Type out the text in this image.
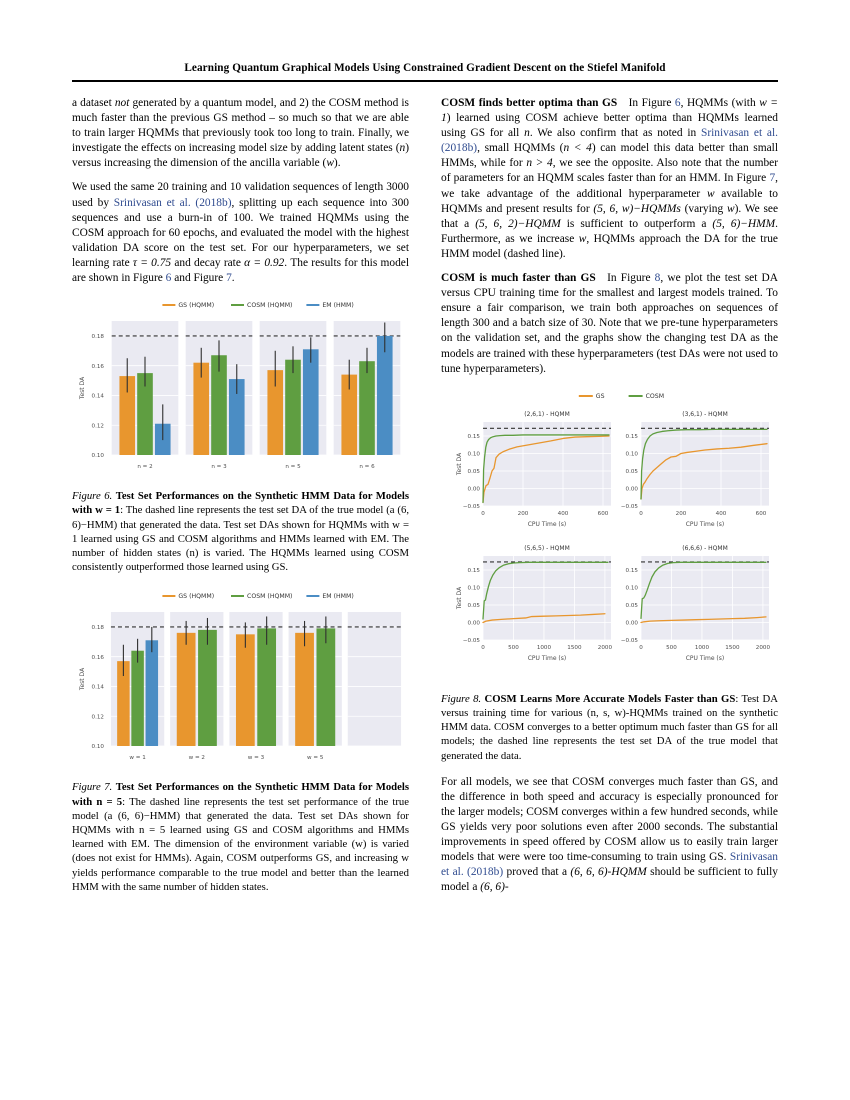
Learning Quantum Graphical Models Using Constrained Gradient Descent on the Stiefel Manifold

a dataset not generated by a quantum model, and 2) the COSM method is much faster than the previous GS method – so much so that we are able to train larger HQMMs that previously took too long to train. Finally, we investigate the effects on increasing model size by adding latent states (n) versus increasing the dimension of the ancilla variable (w).

We used the same 20 training and 10 validation sequences of length 3000 used by Srinivasan et al. (2018b), splitting up each sequence into 300 sequences and use a burn-in of 100. We trained HQMMs using the COSM approach for 60 epochs, and evaluated the model with the highest validation DA score on the test set. For our hyperparameters, we set learning rate τ = 0.75 and decay rate α = 0.92. The results for this model are shown in Figure 6 and Figure 7.

GS (HQMM)	COSM (HQMM)	EM (HMM)
n = 2	n = 3	n = 5	n = 6
0.10
0.12
0.14
0.16
0.18
Test DA
Figure 6. Test Set Performances on the Synthetic HMM Data for Models with w = 1: The dashed line represents the test set DA of the true model (a (6, 6)−HMM) that generated the data. Test set DAs shown for HQMMs with w = 1 learned using GS and COSM algorithms and HMMs learned with EM. The number of hidden states (n) is varied. The HQMMs learned using COSM consistently outperformed those learned using GS.
GS (HQMM)	COSM (HQMM)	EM (HMM)
w = 1	w = 2	w = 3	w = 5
0.10
0.12
0.14
0.16
0.18
Test DA
Figure 7. Test Set Performances on the Synthetic HMM Data for Models with n = 5: The dashed line represents the test set performance of the true model (a (6, 6)−HMM) that generated the data. Test set DAs shown for HQMMs with n = 5 learned using GS and COSM algorithms and HMMs learned with EM. The dimension of the environment variable (w) is varied (does not exist for HMMs). Again, COSM outperforms GS, and increasing w yields performance comparable to the true model and better than the learned HMM with the same number of hidden states.

COSM finds better optima than GS In Figure 6, HQMMs (with w = 1) learned using COSM achieve better optima than HQMMs learned using GS for all n. We also confirm that as noted in Srinivasan et al. (2018b), small HQMMs (n < 4) can model this data better than small HMMs, while for n > 4, we see the opposite. Also note that the number of parameters for an HQMM scales faster than for an HMM. In Figure 7, we take advantage of the additional hyperparameter w available to HQMMs and present results for (5, 6, w)−HQMMs (varying w). We see that a (5, 6, 2)−HQMM is sufficient to outperform a (5, 6)−HMM. Furthermore, as we increase w, HQMMs approach the DA for the true HMM model (dashed line).

COSM is much faster than GS In Figure 8, we plot the test set DA versus CPU training time for the smallest and largest models trained. To ensure a fair comparison, we train both approaches on sequences of length 300 and a batch size of 30. Note that we pre-tune hyperparameters on the validation set, and the graphs show the changing test DA as the models are trained with these hyperparameters (test DAs were not used to tune hyperparameters).

GS	COSM
(2,6,1) - HQMM
−0.05
0.00
0.05
0.10
0.15
0	200	400	600
CPU Time (s)
Test DA
(3,6,1) - HQMM
−0.05
0.00
0.05
0.10
0.15
0	200	400	600
CPU Time (s)
(5,6,5) - HQMM
−0.05
0.00
0.05
0.10
0.15
0	500	1000	1500	2000
CPU Time (s)
Test DA
(6,6,6) - HQMM
−0.05
0.00
0.05
0.10
0.15
0	500	1000	1500	2000
CPU Time (s)
Figure 8. COSM Learns More Accurate Models Faster than GS: Test DA versus training time for various (n, s, w)-HQMMs trained on the synthetic HMM data. COSM converges to a better optimum much faster than GS for all models; the dashed line represents the test set DA of the true model that generated the data.

For all models, we see that COSM converges much faster than GS, and the difference in both speed and accuracy is especially pronounced for the larger models; COSM converges within a few hundred seconds, while GS yields very poor solutions even after 2000 seconds. The substantial improvements in speed offered by COSM allow us to easily train larger models that were were too time-consuming to train using GS. Srinivasan et al. (2018b) proved that a (6, 6, 6)-HQMM should be sufficient to fully model a (6, 6)-
